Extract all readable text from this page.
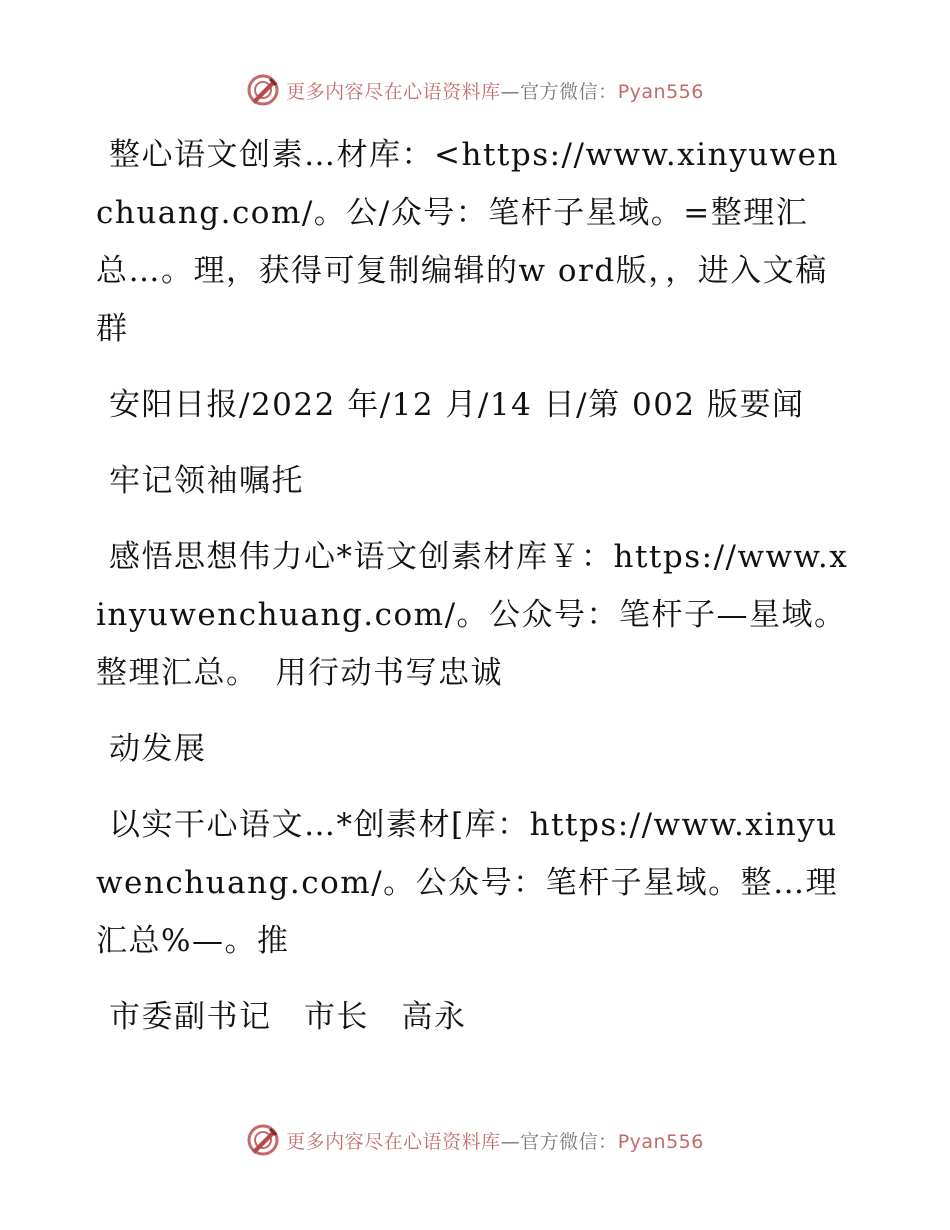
更多内容尽在心语资料库—官方微信：Pyan556

整心语文创素…材库：<https://www.xinyuwenchuang.com/。公/众号：笔杆子星域。=整理汇总…。理，获得可复制编辑的w ord版，，进入文稿群

安阳日报/2022 年/12 月/14 日/第 002 版要闻

牢记领袖嘱托

感悟思想伟力心*语文创素材库￥：https://www.xinyuwenchuang.com/。公众号：笔杆子—星域。整理汇总。　用行动书写忠诚

动发展

以实干心语文…*创素材[库：https://www.xinyuwenchuang.com/。公众号：笔杆子星域。整…理汇总%—。推

市委副书记　市长　高永

更多内容尽在心语资料库—官方微信：Pyan556
